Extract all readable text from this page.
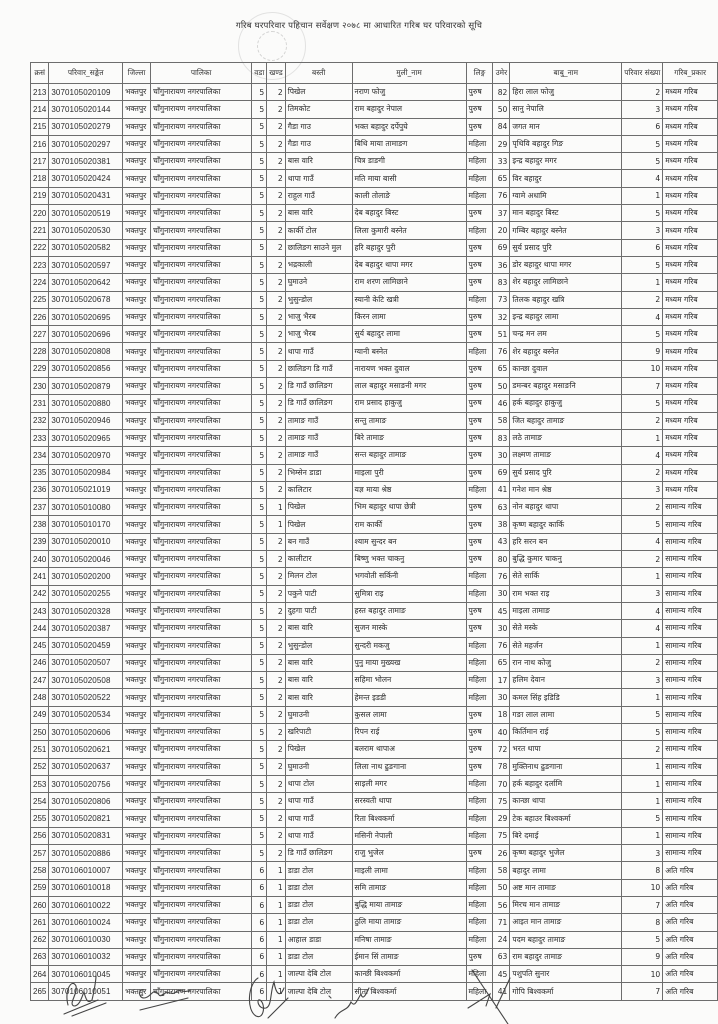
गरिब घरपरिवार पहिचान सर्वेक्षण २०७८ मा आधारित गरिब घर परिवारको सूचि
क्रसं	परिवार_सङ्केत	जिल्ला	पालिका	वडा	खण्ड	बस्ती	मुली_नाम	लिङ्ग	उमेर	बाबु_नाम	परिवार संख्या	गरिब_प्रकार
213	3070105020109	भक्तपुर	चाँगुनारायण नगरपालिका	5	2	पिखेल	नराण फोजु	पुरुष	82	हिरा लाल फोजु	2	मध्यम गरिब
214	3070105020144	भक्तपुर	चाँगुनारायण नगरपालिका	5	2	तिमकोट	राम बहादुर नेपाल	पुरुष	50	सानु नेपालि	3	मध्यम गरिब
215	3070105020279	भक्तपुर	चाँगुनारायण नगरपालिका	5	2	गैडा गाउ	भक्त बहादुर दर्पेपुघे	पुरुष	84	जगत मान	6	मध्यम गरिब
216	3070105020297	भक्तपुर	चाँगुनारायण नगरपालिका	5	2	गैडा गाउ	बिथि माया तामाङग	महिला	29	पृथिवि बहादुर गिङ	5	मध्यम गरिब
217	3070105020381	भक्तपुर	चाँगुनारायण नगरपालिका	5	2	बास वारि	चित्र डाङगी	महिला	33	इन्द्र बहादुर मगर	5	मध्यम गरिब
218	3070105020424	भक्तपुर	चाँगुनारायण नगरपालिका	5	2	थापा गाउँ	मति माया बासी	महिला	65	विर बहादुर	4	मध्यम गरिब
219	3070105020431	भक्तपुर	चाँगुनारायण नगरपालिका	5	2	राहुल गाउँ	काली तोलाङे	महिला	76	ग्वामे अधामि	1	मध्यम गरिब
220	3070105020519	भक्तपुर	चाँगुनारायण नगरपालिका	5	2	बास वारि	देब बहादुर बिस्ट	पुरुष	37	मान बहादुर बिस्ट	5	मध्यम गरिब
221	3070105020530	भक्तपुर	चाँगुनारायण नगरपालिका	5	2	कार्की टोल	लिला कुमारी बस्नेत	महिला	20	गम्बिर बहादुर बस्नेत	3	मध्यम गरिब
222	3070105020582	भक्तपुर	चाँगुनारायण नगरपालिका	5	2	छालिङग साउने मुल	हरि बहादुर पुरी	पुरुष	69	सुर्य प्रसाद पुरि	6	मध्यम गरिब
223	3070105020597	भक्तपुर	चाँगुनारायण नगरपालिका	5	2	भद्रकाली	देब बहादुर थापा मगर	पुरुष	36	डोर बहादुर थापा मगर	5	मध्यम गरिब
224	3070105020642	भक्तपुर	चाँगुनारायण नगरपालिका	5	2	घुमाउने	राम शरण लामिछाने	पुरुष	83	शेर बहादुर लामिछाने	1	मध्यम गरिब
225	3070105020678	भक्तपुर	चाँगुनारायण नगरपालिका	5	2	भुसुन्डोल	स्यानी केटि खत्री	महिला	73	तिलक बहादुर खत्रि	2	मध्यम गरिब
226	3070105020695	भक्तपुर	चाँगुनारायण नगरपालिका	5	2	भाजु भैरब	किरन लामा	पुरुष	32	इन्द्र बहादुर लामा	4	मध्यम गरिब
227	3070105020696	भक्तपुर	चाँगुनारायण नगरपालिका	5	2	भाजु भैरब	सुर्य बहादुर लामा	पुरुष	51	चन्द्र मन लम	5	मध्यम गरिब
228	3070105020808	भक्तपुर	चाँगुनारायण नगरपालिका	5	2	थापा गाउँ	ग्यानी बस्नेत	महिला	76	शेर बहादुर बस्नेत	9	मध्यम गरिब
229	3070105020856	भक्तपुर	चाँगुनारायण नगरपालिका	5	2	छालिङग डि गाउँ	नारायण भक्त दुवाल	पुरुष	65	कान्छा दुवाल	10	मध्यम गरिब
230	3070105020879	भक्तपुर	चाँगुनारायण नगरपालिका	5	2	डि गाउँ छालिङग	लाल बहादुर मसाङनी मगर	पुरुष	50	डमन्बर बहादुर मसाङनि	7	मध्यम गरिब
231	3070105020880	भक्तपुर	चाँगुनारायण नगरपालिका	5	2	डि गाउँ छालिङग	राम प्रसाद हाकुजु	पुरुष	46	हर्क बहादुर हाकुजु	5	मध्यम गरिब
232	3070105020946	भक्तपुर	चाँगुनारायण नगरपालिका	5	2	तामाङ गाउँ	सन्तु तामाङ	पुरुष	58	जित बहादुर तामाङ	2	मध्यम गरिब
233	3070105020965	भक्तपुर	चाँगुनारायण नगरपालिका	5	2	तामाङ गाउँ	बिरे तामाङ	पुरुष	83	लठे तामाङ	1	मध्यम गरिब
234	3070105020970	भक्तपुर	चाँगुनारायण नगरपालिका	5	2	तामाङ गाउँ	सन्त बहादुर तामाङ	पुरुष	30	लक्ष्मण तामाङ	4	मध्यम गरिब
235	3070105020984	भक्तपुर	चाँगुनारायण नगरपालिका	5	2	भिम्सेन डाडा	माइला पुरी	पुरुष	69	सुर्य प्रसाद पुरि	2	मध्यम गरिब
236	3070105021019	भक्तपुर	चाँगुनारायण नगरपालिका	5	2	कालिटार	यज्ञ माया श्रेष्ठ	महिला	41	गनेश मान श्रेष्ठ	3	मध्यम गरिब
237	3070105010080	भक्तपुर	चाँगुनारायण नगरपालिका	5	1	पिखेल	भिम बहादुर थापा छेत्री	पुरुष	63	नोन बहादुर थापा	2	सामान्य गरिब
238	3070105010170	भक्तपुर	चाँगुनारायण नगरपालिका	5	1	पिखेल	राम कार्की	पुरुष	38	कृष्ण बहादुर कार्कि	5	सामान्य गरिब
239	3070105020010	भक्तपुर	चाँगुनारायण नगरपालिका	5	2	बन गाउँ	श्याम सुन्दर बन	पुरुष	43	हरि सरन बन	4	सामान्य गरिब
240	3070105020046	भक्तपुर	चाँगुनारायण नगरपालिका	5	2	कालीटार	बिष्णु भक्त चाकनु	पुरुष	80	बुद्धि कुमार चाकनु	2	सामान्य गरिब
241	3070105020200	भक्तपुर	चाँगुनारायण नगरपालिका	5	2	मिलन टोल	भगवोती सर्किनी	महिला	76	सेते सार्कि	1	सामान्य गरिब
242	3070105020255	भक्तपुर	चाँगुनारायण नगरपालिका	5	2	पकुने पाटी	सुमित्रा राइ	महिला	30	राम भक्त राइ	3	सामान्य गरिब
243	3070105020328	भक्तपुर	चाँगुनारायण नगरपालिका	5	2	दुहगा पाटी	हस्त बहादुर तामाङ	पुरुष	45	माइला तामाङ	4	सामान्य गरिब
244	3070105020387	भक्तपुर	चाँगुनारायण नगरपालिका	5	2	बास वारि	सुजन मास्के	पुरुष	30	सेते मस्के	4	सामान्य गरिब
245	3070105020459	भक्तपुर	चाँगुनारायण नगरपालिका	5	2	भुसुन्डोल	सुन्दरी मकजु	महिला	76	सेते महर्जन	1	सामान्य गरिब
246	3070105020507	भक्तपुर	चाँगुनारायण नगरपालिका	5	2	बास वारि	पुनु माया मुख्यख	महिला	65	रान नाथ कोजु	2	सामान्य गरिब
247	3070105020508	भक्तपुर	चाँगुनारायण नगरपालिका	5	2	बास वारि	सहिमा भोलन	महिला	17	हलिम देवान	3	सामान्य गरिब
248	3070105020522	भक्तपुर	चाँगुनारायण नगरपालिका	5	2	बास वारि	हेमन्त इडडी	महिला	30	कमल सिंह इडिडि	1	सामान्य गरिब
249	3070105020534	भक्तपुर	चाँगुनारायण नगरपालिका	5	2	घुमाउनी	कुसल लामा	पुरुष	18	गङा लाल लामा	5	सामान्य गरिब
250	3070105020606	भक्तपुर	चाँगुनारायण नगरपालिका	5	2	खरिपाटी	रिपन राई	पुरुष	40	किर्तिमान राई	5	सामान्य गरिब
251	3070105020621	भक्तपुर	चाँगुनारायण नगरपालिका	5	2	पिखेल	बलराम थापाअ	पुरुष	72	भरत थापा	2	सामान्य गरिब
252	3070105020637	भक्तपुर	चाँगुनारायण नगरपालिका	5	2	घुमाउनी	लिला नाथ ढुङगाना	पुरुष	78	मुक्तिनाथ ढुङगाना	1	सामान्य गरिब
253	3070105020756	भक्तपुर	चाँगुनारायण नगरपालिका	5	2	थापा टोल	साइली मगर	महिला	70	हर्क बहादुर दर्लामि	1	सामान्य गरिब
254	3070105020806	भक्तपुर	चाँगुनारायण नगरपालिका	5	2	थापा गाउँ	सरस्वती थापा	महिला	75	कान्छा थापा	1	सामान्य गरिब
255	3070105020821	भक्तपुर	चाँगुनारायण नगरपालिका	5	2	थापा गाउँ	रिता बिश्वकर्मा	महिला	29	टेक बहाउर बिश्वकर्मा	5	सामान्य गरिब
256	3070105020831	भक्तपुर	चाँगुनारायण नगरपालिका	5	2	थापा गाउँ	मसिनी नेपाली	महिला	75	बिरे दमाई	1	सामान्य गरिब
257	3070105020886	भक्तपुर	चाँगुनारायण नगरपालिका	5	2	डि गाउँ छालिङग	राजु भुजेल	पुरुष	26	कृष्ण बहादुर भुजेल	3	सामान्य गरिब
258	3070106010007	भक्तपुर	चाँगुनारायण नगरपालिका	6	1	डाडा टोल	माइली लामा	महिला	58	बहादुर लामा	8	अति गरिब
259	3070106010018	भक्तपुर	चाँगुनारायण नगरपालिका	6	1	डाडा टोल	समि तामाङ	महिला	50	अष्ट मान तामाङ	10	अति गरिब
260	3070106010022	भक्तपुर	चाँगुनारायण नगरपालिका	6	1	डाडा टोल	बुद्धि माया तामाङ	महिला	56	मिरच मान तामाङ	7	अति गरिब
261	3070106010024	भक्तपुर	चाँगुनारायण नगरपालिका	6	1	डाडा टोल	ठुलि माया तामाङ	महिला	71	आइत मान तामाङ	8	अति गरिब
262	3070106010030	भक्तपुर	चाँगुनारायण नगरपालिका	6	1	आहाल डाडा	मनिषा तामाङ	महिला	24	पदम बहादुर तामाङ	5	अति गरिब
263	3070106010032	भक्तपुर	चाँगुनारायण नगरपालिका	6	1	डाडा टोल	ईमान सिं तामाङ	पुरुष	63	राम बहादुर तामाङ	9	अति गरिब
264	3070106010045	भक्तपुर	चाँगुनारायण नगरपालिका	6	1	जाल्पा देबि टोल	कान्छी बिश्वकर्मा	महिला	45	पशुपति सुनार	10	अति गरिब
265	3070106010051	भक्तपुर	चाँगुनारायण नगरपालिका	6	1	जाल्पा देबि टोल	सीता बिश्वकर्मा	महिला	41	गोपि बिश्वकर्मा	7	अति गरिब
